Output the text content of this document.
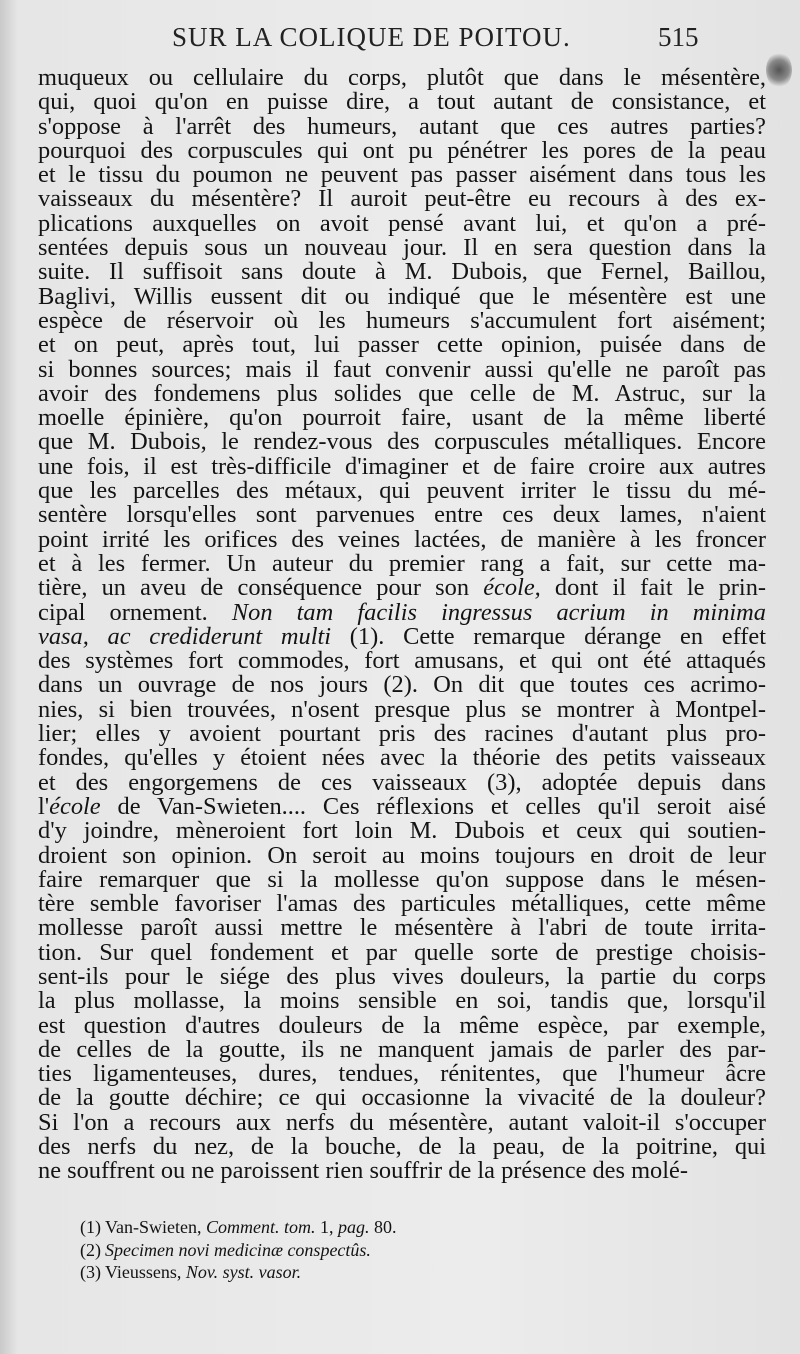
SUR LA COLIQUE DE POITOU.	515
muqueux ou cellulaire du corps, plutôt que dans le mésentère,
qui, quoi qu'on en puisse dire, a tout autant de consistance, et
s'oppose à l'arrêt des humeurs, autant que ces autres parties?
pourquoi des corpuscules qui ont pu pénétrer les pores de la peau
et le tissu du poumon ne peuvent pas passer aisément dans tous les
vaisseaux du mésentère? Il auroit peut-être eu recours à des ex-
plications auxquelles on avoit pensé avant lui, et qu'on a pré-
sentées depuis sous un nouveau jour. Il en sera question dans la
suite. Il suffisoit sans doute à M. Dubois, que Fernel, Baillou,
Baglivi, Willis eussent dit ou indiqué que le mésentère est une
espèce de réservoir où les humeurs s'accumulent fort aisément;
et on peut, après tout, lui passer cette opinion, puisée dans de
si bonnes sources; mais il faut convenir aussi qu'elle ne paroît pas
avoir des fondemens plus solides que celle de M. Astruc, sur la
moelle épinière, qu'on pourroit faire, usant de la même liberté
que M. Dubois, le rendez-vous des corpuscules métalliques. Encore
une fois, il est très-difficile d'imaginer et de faire croire aux autres
que les parcelles des métaux, qui peuvent irriter le tissu du mé-
sentère lorsqu'elles sont parvenues entre ces deux lames, n'aient
point irrité les orifices des veines lactées, de manière à les froncer
et à les fermer. Un auteur du premier rang a fait, sur cette ma-
tière, un aveu de conséquence pour son école, dont il fait le prin-
cipal ornement. Non tam facilis ingressus acrium in minima
vasa, ac crediderunt multi (1). Cette remarque dérange en effet
des systèmes fort commodes, fort amusans, et qui ont été attaqués
dans un ouvrage de nos jours (2). On dit que toutes ces acrimo-
nies, si bien trouvées, n'osent presque plus se montrer à Montpel-
lier; elles y avoient pourtant pris des racines d'autant plus pro-
fondes, qu'elles y étoient nées avec la théorie des petits vaisseaux
et des engorgemens de ces vaisseaux (3), adoptée depuis dans
l'école de Van-Swieten.... Ces réflexions et celles qu'il seroit aisé
d'y joindre, mèneroient fort loin M. Dubois et ceux qui soutien-
droient son opinion. On seroit au moins toujours en droit de leur
faire remarquer que si la mollesse qu'on suppose dans le mésen-
tère semble favoriser l'amas des particules métalliques, cette même
mollesse paroît aussi mettre le mésentère à l'abri de toute irrita-
tion. Sur quel fondement et par quelle sorte de prestige choisis-
sent-ils pour le siége des plus vives douleurs, la partie du corps
la plus mollasse, la moins sensible en soi, tandis que, lorsqu'il
est question d'autres douleurs de la même espèce, par exemple,
de celles de la goutte, ils ne manquent jamais de parler des par-
ties ligamenteuses, dures, tendues, rénitentes, que l'humeur âcre
de la goutte déchire; ce qui occasionne la vivacité de la douleur?
Si l'on a recours aux nerfs du mésentère, autant valoit-il s'occuper
des nerfs du nez, de la bouche, de la peau, de la poitrine, qui
ne souffrent ou ne paroissent rien souffrir de la présence des molé-
(1) Van-Swieten, Comment. tom. 1, pag. 80.
(2) Specimen novi medicinæ conspectûs.
(3) Vieussens, Nov. syst. vasor.
